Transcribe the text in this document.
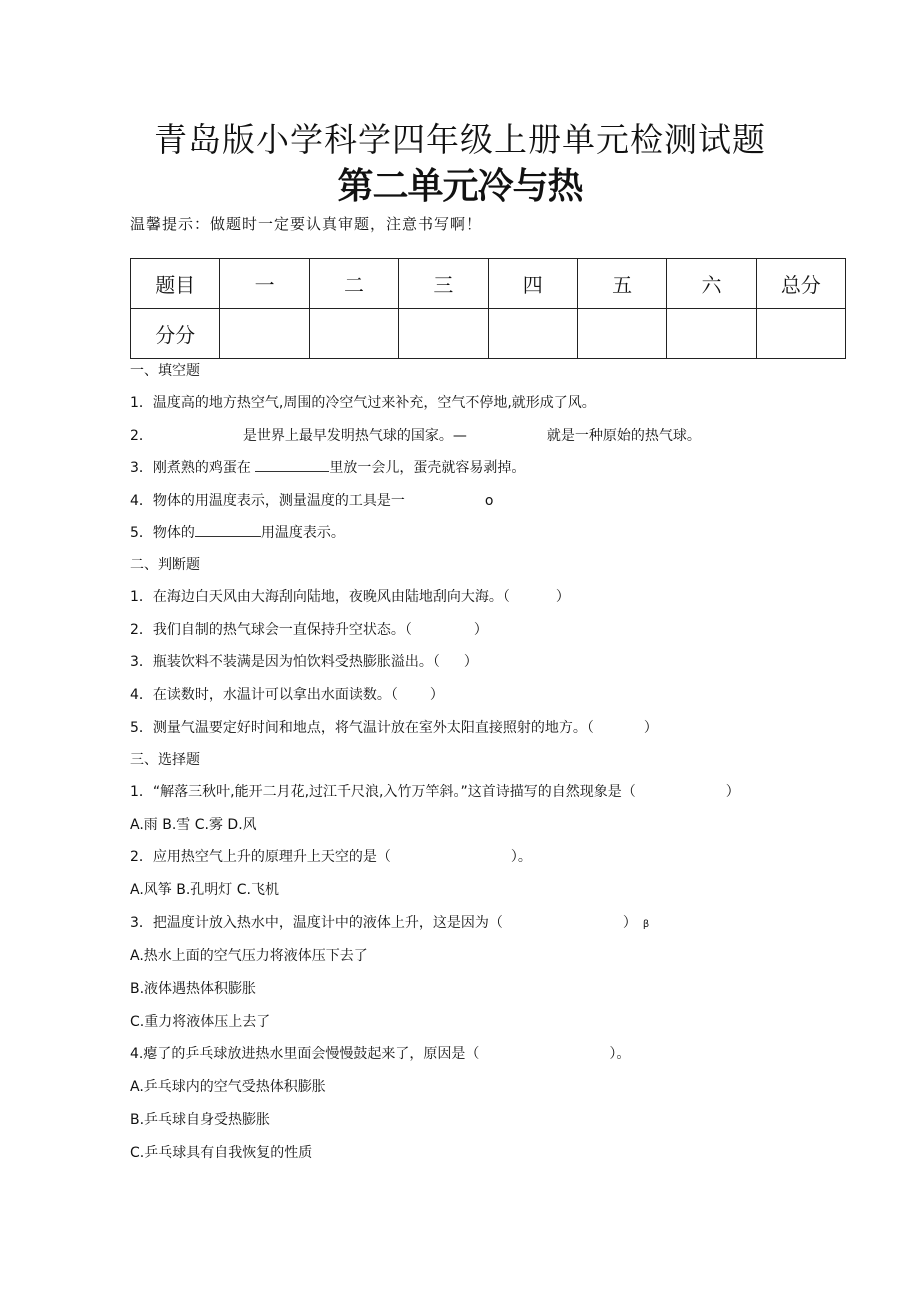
青岛版小学科学四年级上册单元检测试题
第二单元冷与热
温馨提示：做题时一定要认真审题，注意书写啊！
题目	一	二	三	四	五	六	总分
分分							
一、填空题
1．温度高的地方热空气,周围的冷空气过来补充，空气不停地,就形成了风。
2．	是世界上最早发明热气球的国家。—	就是一种原始的热气球。
3．刚煮熟的鸡蛋在	里放一会儿，蛋壳就容易剥掉。
4．物体的用温度表示，测量温度的工具是一	o
5．物体的	用温度表示。
二、判断题
1．在海边白天风由大海刮向陆地，夜晚风由陆地刮向大海。（	）
2．我们自制的热气球会一直保持升空状态。（	）
3．瓶装饮料不装满是因为怕饮料受热膨胀溢出。（ ）
4．在读数时，水温计可以拿出水面读数。（ ）
5．测量气温要定好时间和地点，将气温计放在室外太阳直接照射的地方。（	）
三、选择题
1．“解落三秋叶,能开二月花,过江千尺浪,入竹万竿斜。”这首诗描写的自然现象是（	）
A.雨 B.雪 C.雾 D.风
2．应用热空气上升的原理升上天空的是（	）。
A.风筝 B.孔明灯 C.飞机
3．把温度计放入热水中，温度计中的液体上升，这是因为（	） β
A.热水上面的空气压力将液体压下去了
B.液体遇热体积膨胀
C.重力将液体压上去了
4.瘪了的乒乓球放进热水里面会慢慢鼓起来了，原因是（	）。
A.乒乓球内的空气受热体积膨胀
B.乒乓球自身受热膨胀
C.乒乓球具有自我恢复的性质
